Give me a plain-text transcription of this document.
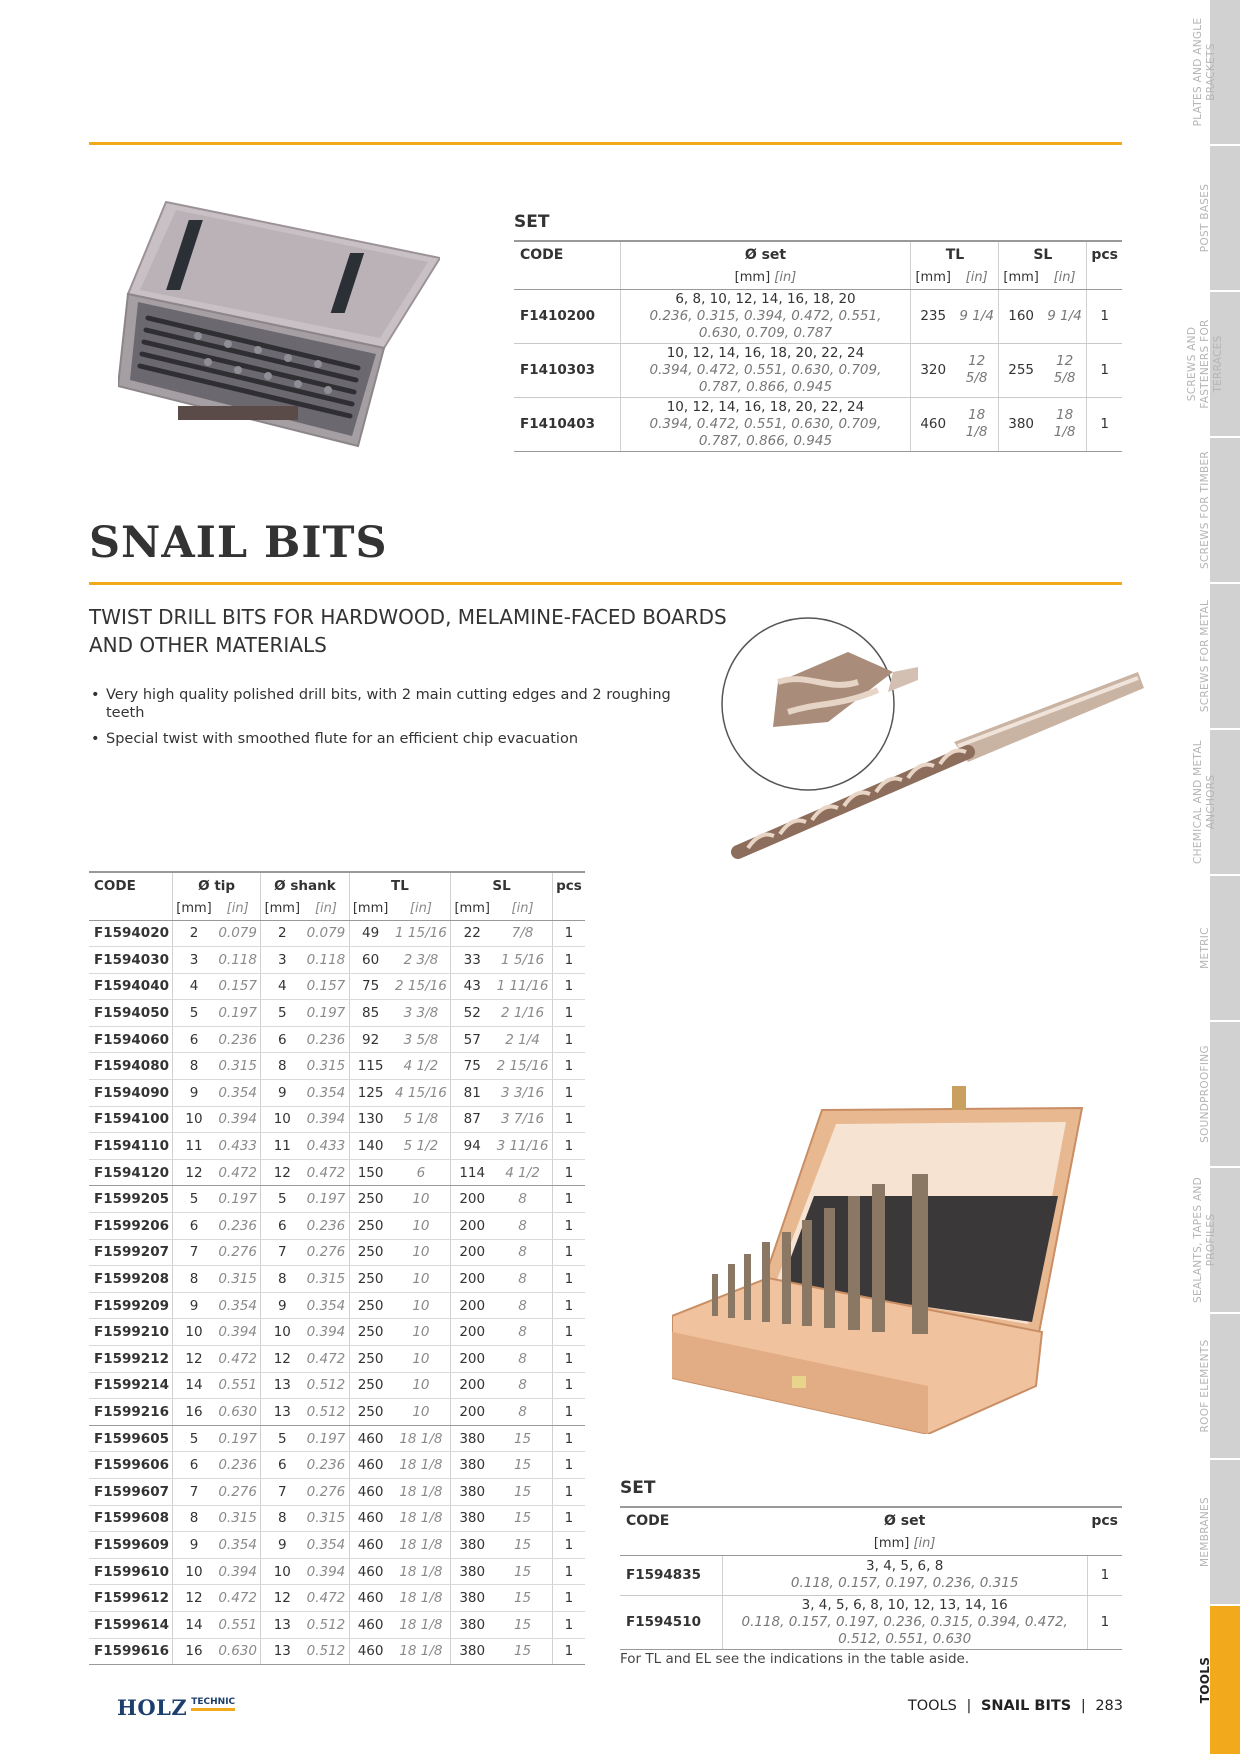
PLATES AND ANGLE BRACKETS
POST BASES
SCREWS AND FASTENERS FOR TERRACES
SCREWS FOR TIMBER
SCREWS FOR METAL
CHEMICAL AND METAL ANCHORS
METRIC
SOUNDPROOFING
SEALANTS, TAPES AND PROFILES
ROOF ELEMENTS
MEMBRANES
TOOLS
SET
CODE	Ø set	TL		SL		pcs
	[mm] [in]	[mm]	[in]	[mm]	[in]	
F1410200	6, 8, 10, 12, 14, 16, 18, 20
0.236, 0.315, 0.394, 0.472, 0.551, 0.630, 0.709, 0.787	235	9 1/4	160	9 1/4	1
F1410303	10, 12, 14, 16, 18, 20, 22, 24
0.394, 0.472, 0.551, 0.630, 0.709, 0.787, 0.866, 0.945	320	12 5/8	255	12 5/8	1
F1410403	10, 12, 14, 16, 18, 20, 22, 24
0.394, 0.472, 0.551, 0.630, 0.709, 0.787, 0.866, 0.945	460	18 1/8	380	18 1/8	1
SNAIL BITS
TWIST DRILL BITS FOR HARDWOOD, MELAMINE-FACED BOARDS AND OTHER MATERIALS
• Very high quality polished drill bits, with 2 main cutting edges and 2 roughing teeth
• Special twist with smoothed flute for an efficient chip evacuation
CODE	Ø tip		Ø shank		TL		SL		pcs
	[mm]	[in]	[mm]	[in]	[mm]	[in]	[mm]	[in]	
F1594020	2	0.079	2	0.079	49	1 15/16	22	7/8	1
F1594030	3	0.118	3	0.118	60	2 3/8	33	1 5/16	1
F1594040	4	0.157	4	0.157	75	2 15/16	43	1 11/16	1
F1594050	5	0.197	5	0.197	85	3 3/8	52	2 1/16	1
F1594060	6	0.236	6	0.236	92	3 5/8	57	2 1/4	1
F1594080	8	0.315	8	0.315	115	4 1/2	75	2 15/16	1
F1594090	9	0.354	9	0.354	125	4 15/16	81	3 3/16	1
F1594100	10	0.394	10	0.394	130	5 1/8	87	3 7/16	1
F1594110	11	0.433	11	0.433	140	5 1/2	94	3 11/16	1
F1594120	12	0.472	12	0.472	150	6	114	4 1/2	1
F1599205	5	0.197	5	0.197	250	10	200	8	1
F1599206	6	0.236	6	0.236	250	10	200	8	1
F1599207	7	0.276	7	0.276	250	10	200	8	1
F1599208	8	0.315	8	0.315	250	10	200	8	1
F1599209	9	0.354	9	0.354	250	10	200	8	1
F1599210	10	0.394	10	0.394	250	10	200	8	1
F1599212	12	0.472	12	0.472	250	10	200	8	1
F1599214	14	0.551	13	0.512	250	10	200	8	1
F1599216	16	0.630	13	0.512	250	10	200	8	1
F1599605	5	0.197	5	0.197	460	18 1/8	380	15	1
F1599606	6	0.236	6	0.236	460	18 1/8	380	15	1
F1599607	7	0.276	7	0.276	460	18 1/8	380	15	1
F1599608	8	0.315	8	0.315	460	18 1/8	380	15	1
F1599609	9	0.354	9	0.354	460	18 1/8	380	15	1
F1599610	10	0.394	10	0.394	460	18 1/8	380	15	1
F1599612	12	0.472	12	0.472	460	18 1/8	380	15	1
F1599614	14	0.551	13	0.512	460	18 1/8	380	15	1
F1599616	16	0.630	13	0.512	460	18 1/8	380	15	1
SET
CODE	Ø set	pcs
	[mm] [in]	
F1594835	3, 4, 5, 6, 8
0.118, 0.157, 0.197, 0.236, 0.315	1
F1594510	3, 4, 5, 6, 8, 10, 12, 13, 14, 16
0.118, 0.157, 0.197, 0.236, 0.315, 0.394, 0.472, 0.512, 0.551, 0.630	1
For TL and EL see the indications in the table aside.
HOLZ TECHNIC	TOOLS | SNAIL BITS | 283
